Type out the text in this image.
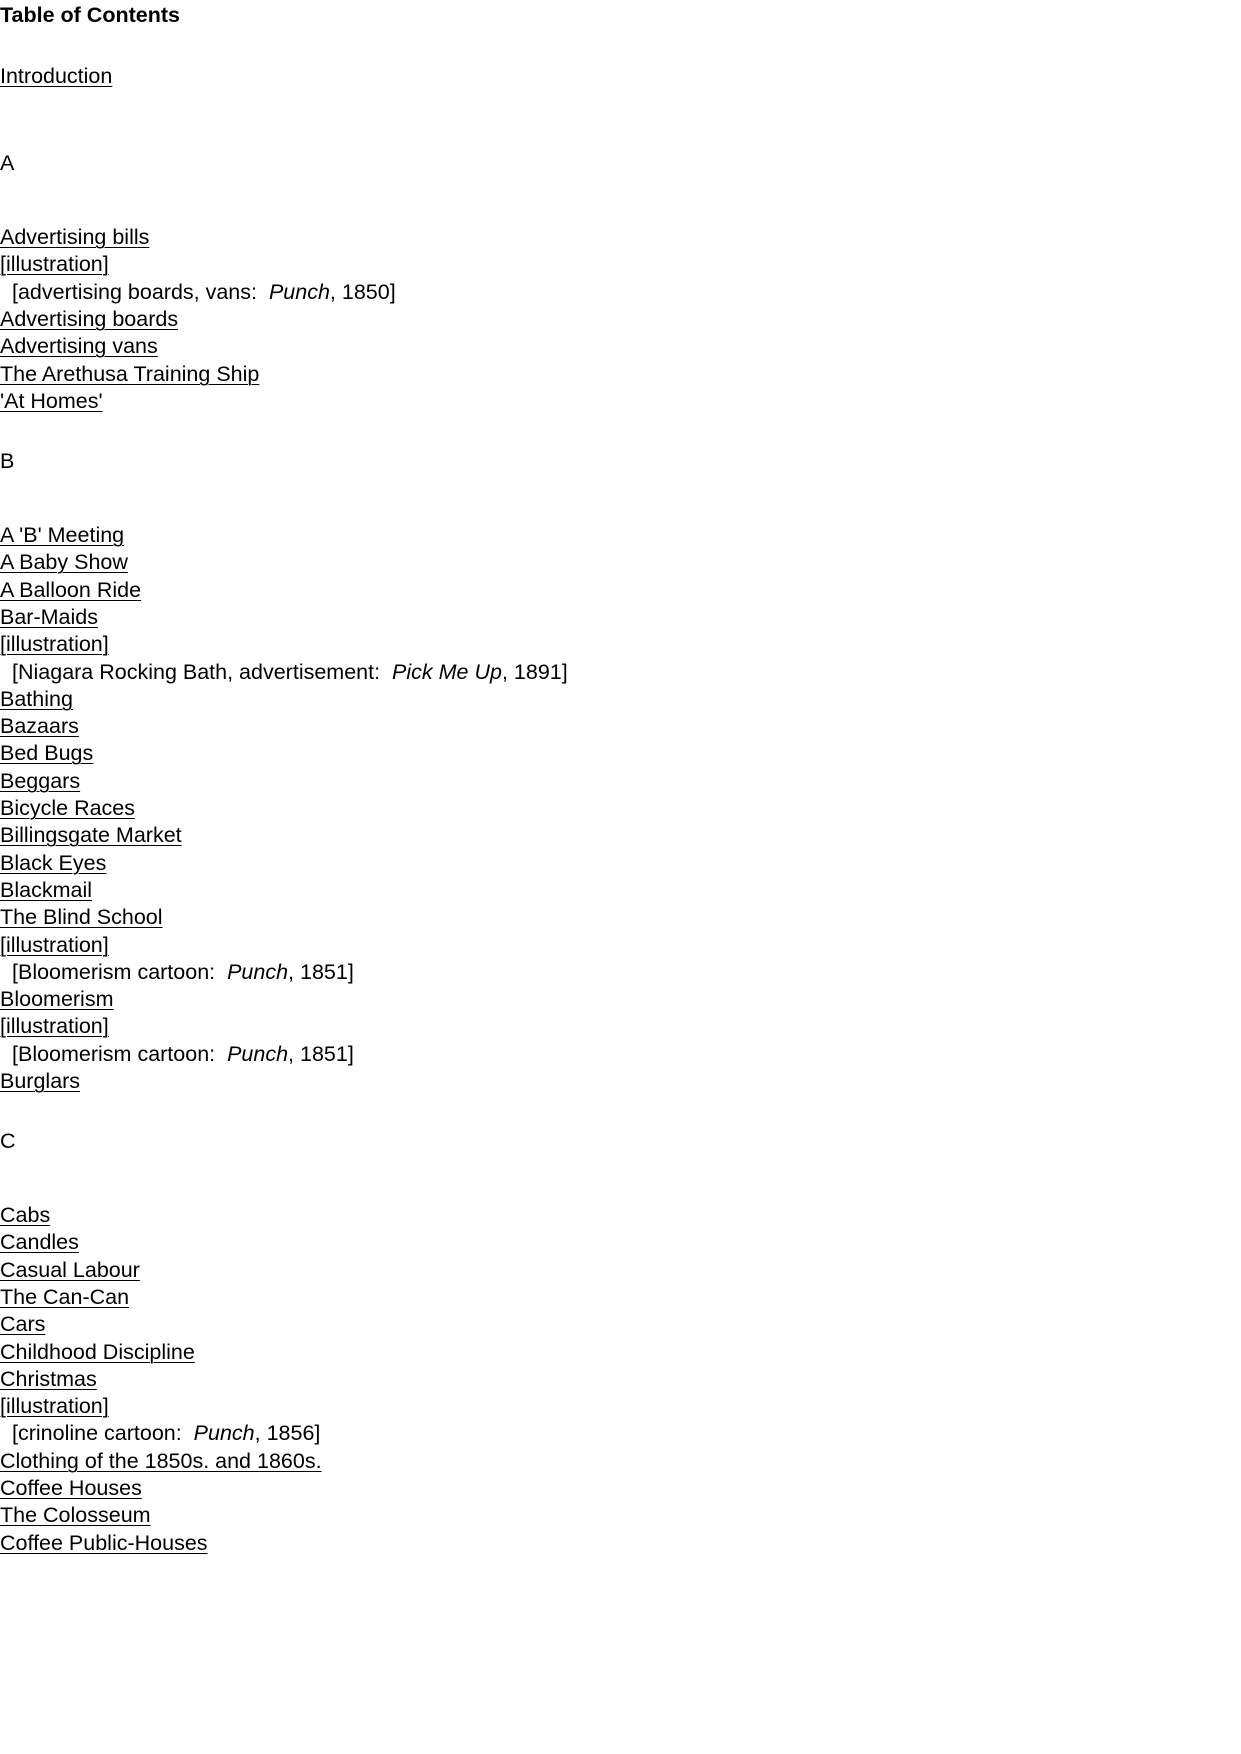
Table of Contents
Introduction
A
Advertising bills
[illustration]
[advertising boards, vans:  Punch, 1850]
Advertising boards
Advertising vans
The Arethusa Training Ship
'At Homes'
B
A 'B' Meeting
A Baby Show
A Balloon Ride
Bar-Maids
[illustration]
[Niagara Rocking Bath, advertisement:  Pick Me Up, 1891]
Bathing
Bazaars
Bed Bugs
Beggars
Bicycle Races
Billingsgate Market
Black Eyes
Blackmail
The Blind School
[illustration]
[Bloomerism cartoon:  Punch, 1851]
Bloomerism
[illustration]
[Bloomerism cartoon:  Punch, 1851]
Burglars
C
Cabs
Candles
Casual Labour
The Can-Can
Cars
Childhood Discipline
Christmas
[illustration]
[crinoline cartoon:  Punch, 1856]
Clothing of the 1850s. and 1860s.
Coffee Houses
The Colosseum
Coffee Public-Houses
